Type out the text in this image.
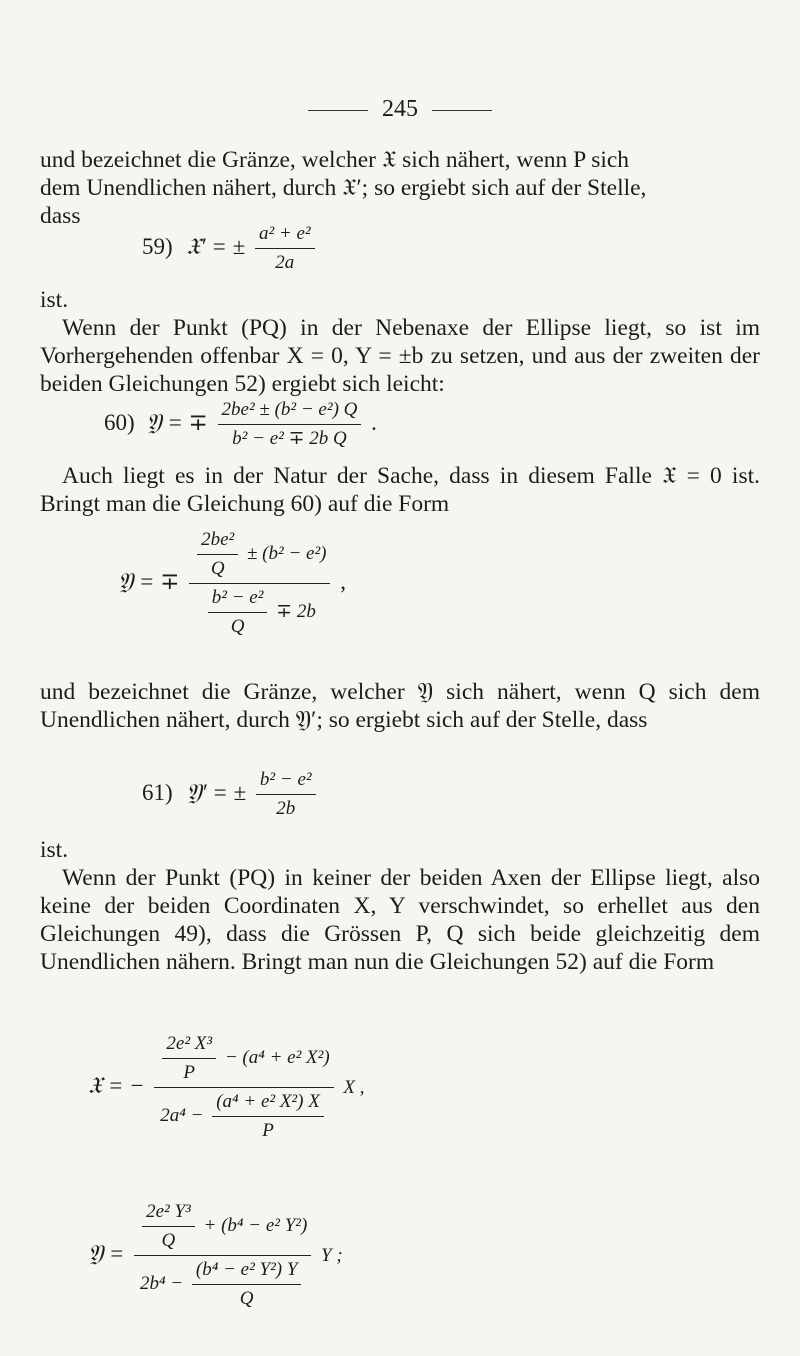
245
und bezeichnet die Gränze, welcher 𝔛 sich nähert, wenn P sich
dem Unendlichen nähert, durch 𝔛′; so ergiebt sich auf der Stelle,
dass
59) 𝔛′ = ± $\frac{\text{a² + e²}}{2a}$
ist.
Wenn der Punkt (PQ) in der Nebenaxe der Ellipse liegt, so ist im Vorhergehenden offenbar X = 0, Y = ±b zu setzen, und aus der zweiten der beiden Gleichungen 52) ergiebt sich leicht:
60) 𝔜 = ∓ $\frac{\text{2be² ± (b² − e²) Q}}{\text{b² − e² ∓ 2b Q}}$ .
Auch liegt es in der Natur der Sache, dass in diesem Falle 𝔛 = 0 ist. Bringt man die Gleichung 60) auf die Form
𝔜 = ∓ $\frac{\frac{\text{2be²}}{Q} \pm (b^2 - e^2)}{\frac{\text{b² − e²}}{Q} \mp 2b}$ ,
und bezeichnet die Gränze, welcher 𝔜 sich nähert, wenn Q sich dem Unendlichen nähert, durch 𝔜′; so ergiebt sich auf der Stelle, dass
61) 𝔜′ = ± $\frac{\text{b² − e²}}{2b}$
ist.
Wenn der Punkt (PQ) in keiner der beiden Axen der Ellipse liegt, also keine der beiden Coordinaten X, Y verschwindet, so erhellet aus den Gleichungen 49), dass die Grössen P, Q sich beide gleichzeitig dem Unendlichen nähern. Bringt man nun die Gleichungen 52) auf die Form
𝔛 = − $\frac{\frac{\text{2e² X³}}{P} - (a^4 + e^2 X^2)}{2a^4 - \frac{\text{(a⁴ + e² X²) X}}{P}}$ X ,
𝔜 = $\frac{\frac{\text{2e² Y³}}{Q} + (b^4 - e^2 Y^2)}{2b^4 - \frac{\text{(b⁴ − e² Y²) Y}}{Q}}$ Y ;
